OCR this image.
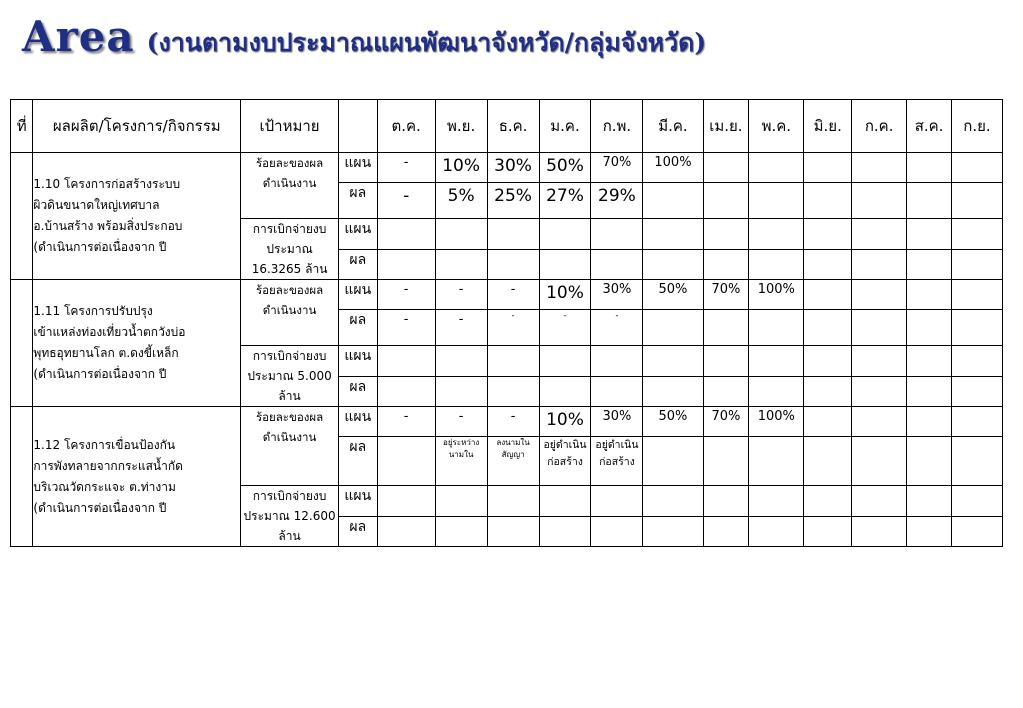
Area (งานตามงบประมาณแผนพัฒนาจังหวัด/กลุ่มจังหวัด)
ที่	ผลผลิต/โครงการ/กิจกรรม	เป้าหมาย		ต.ค.	พ.ย.	ธ.ค.	ม.ค.	ก.พ.	มี.ค.	เม.ย.	พ.ค.	มิ.ย.	ก.ค.	ส.ค.	ก.ย.

	1.10 โครงการก่อสร้างระบบ
ผิวดินขนาดใหญ่เทศบาล
อ.บ้านสร้าง พร้อมสิ่งประกอบ
(ดำเนินการต่อเนื่องจาก ปี	ร้อยละของผลดำเนินงาน	แผน	-	10%	30%	50%	70%	100%						
			ผล	-	5%	25%	27%	29%							
		การเบิกจ่ายงบประมาณ 16.3265 ล้าน	แผน												
			ผล												

	1.11 โครงการปรับปรุง
เข้าแหล่งท่องเที่ยวน้ำตกวังบ่อ
พุทธอุทยานโลก ต.ดงขี้เหล็ก
(ดำเนินการต่อเนื่องจาก ปี	ร้อยละของผลดำเนินงาน	แผน	-	-	-	10%	30%	50%	70%	100%				
			ผล	-	-	-	-	-							
		การเบิกจ่ายงบประมาณ 5.000 ล้าน	แผน												
			ผล												

	1.12 โครงการเขื่อนป้องกัน
การพังทลายจากกระแสน้ำกัด
บริเวณวัดกระแจะ ต.ท่างาม
(ดำเนินการต่อเนื่องจาก ปี	ร้อยละของผลดำเนินงาน	แผน	-	-	-	10%	30%	50%	70%	100%				
			ผล		อยู่ระหว่างนามใน	ลงนามในสัญญา	อยู่ดำเนินก่อสร้าง	อยู่ดำเนินก่อสร้าง							
		การเบิกจ่ายงบประมาณ 12.600 ล้าน	แผน												
			ผล												
